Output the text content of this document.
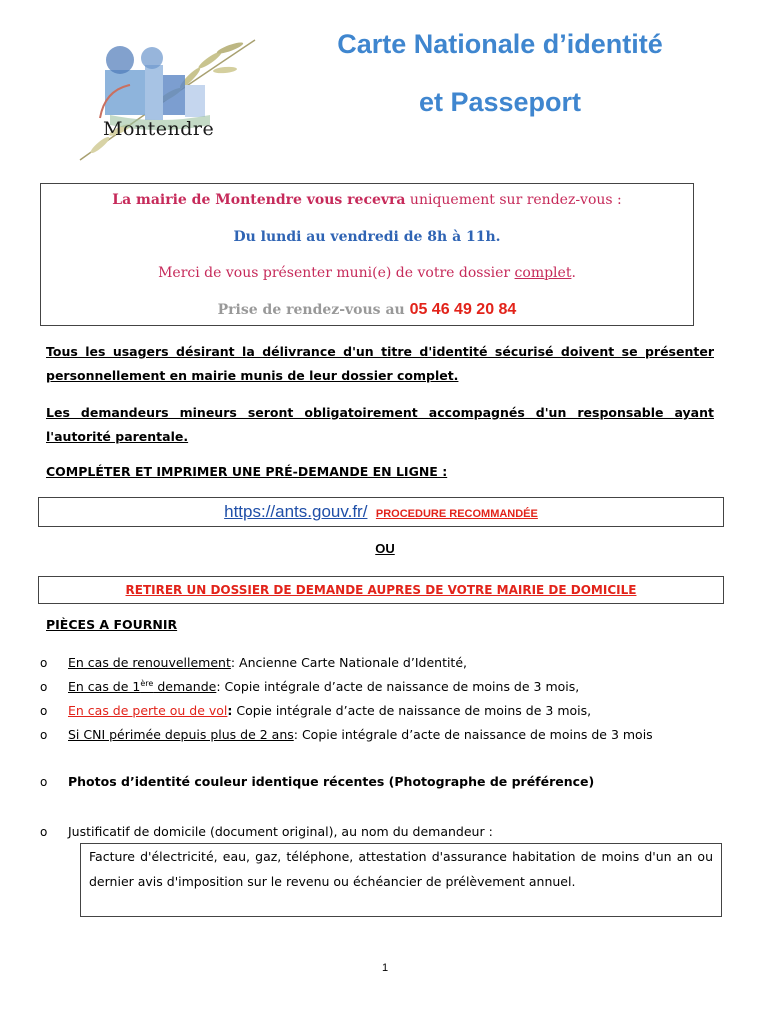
Montendre
Carte Nationale d’identité
et Passeport
La mairie de Montendre vous recevra uniquement sur rendez-vous :
Du lundi au vendredi de 8h à 11h.
Merci de vous présenter muni(e) de votre dossier complet.
Prise de rendez-vous au 05 46 49 20 84
Tous les usagers désirant la délivrance d'un titre d'identité sécurisé doivent se présenter personnellement en mairie munis de leur dossier complet.
Les demandeurs mineurs seront obligatoirement accompagnés d'un responsable ayant l'autorité parentale.
COMPLÉTER ET IMPRIMER UNE PRÉ-DEMANDE EN LIGNE :
https://ants.gouv.fr/ PROCEDURE RECOMMANDÉE
OU
RETIRER UN DOSSIER DE DEMANDE AUPRES DE VOTRE MAIRIE DE DOMICILE
PIÈCES A FOURNIR
o En cas de renouvellement: Ancienne Carte Nationale d’Identité,
o En cas de 1ère demande: Copie intégrale d’acte de naissance de moins de 3 mois,
o En cas de perte ou de vol: Copie intégrale d’acte de naissance de moins de 3 mois,
o Si CNI périmée depuis plus de 2 ans: Copie intégrale d’acte de naissance de moins de 3 mois
o Photos d’identité couleur identique récentes (Photographe de préférence)
o Justificatif de domicile (document original), au nom du demandeur :
Facture d'électricité, eau, gaz, téléphone, attestation d'assurance habitation de moins d'un an ou dernier avis d'imposition sur le revenu ou échéancier de prélèvement annuel.
1
